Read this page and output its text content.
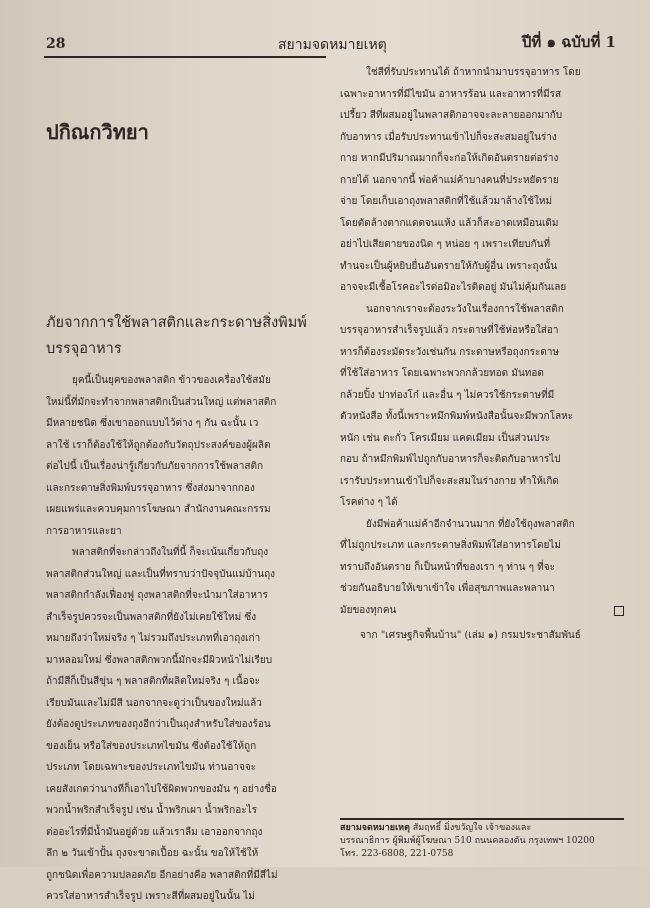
28	สยามจดหมายเหตุ	ปีที่ ๑ ฉบับที่ 1
ปกิณกวิทยา
ภัยจากการใช้พลาสติกและกระดาษสิ่งพิมพ์บรรจุอาหาร

ยุคนี้เป็นยุคของพลาสติก ข้าวของเครื่องใช้สมัย
ใหม่นี้ที่มักจะทำจากพลาสติกเป็นส่วนใหญ่ แต่พลาสติก
มีหลายชนิด ซึ่งเขาออกแบบไว้ต่าง ๆ กัน ฉะนั้น เว
ลาใช้ เราก็ต้องใช้ให้ถูกต้องกับวัตถุประสงค์ของผู้ผลิต
ต่อไปนี้ เป็นเรื่องน่ารู้เกี่ยวกับภัยจากการใช้พลาสติก
และกระดาษสิ่งพิมพ์บรรจุอาหาร ซึ่งส่งมาจากกอง
เผยแพร่และควบคุมการโฆษณา สำนักงานคณะกรรม
การอาหารและยา

พลาสติกที่จะกล่าวถึงในที่นี้ ก็จะเน้นเกี่ยวกับถุง
พลาสติกส่วนใหญ่ และเป็นที่ทราบว่าปัจจุบันแม่บ้านถุง
พลาสติกกำลังเฟื่องฟู ถุงพลาสติกที่จะนำมาใส่อาหาร
สำเร็จรูปควรจะเป็นพลาสติกที่ยังไม่เคยใช้ใหม่ ซึ่ง
หมายถึงว่าใหม่จริง ๆ ไม่รวมถึงประเภทที่เอาถุงเก่า
มาหลอมใหม่ ซึ่งพลาสติกพวกนี้มักจะมีผิวหน้าไม่เรียบ
ถ้ามีสีก็เป็นสีขุ่น ๆ พลาสติกที่ผลิตใหม่จริง ๆ เนื้อจะ
เรียบมันและไม่มีสี นอกจากจะดูว่าเป็นของใหม่แล้ว
ยังต้องดูประเภทของถุงอีกว่าเป็นถุงสำหรับใส่ของร้อน
ของเย็น หรือใส่ของประเภทไขมัน ซึ่งต้องใช้ให้ถูก
ประเภท โดยเฉพาะของประเภทไขมัน ท่านอาจจะ
เคยสังเกตว่านางทีก็เอาไปใช้ผิดพวกของมัน ๆ อย่างชื่อ
พวกน้ำพริกสำเร็จรูป เช่น น้ำพริกเผา น้ำพริกอะไร
ต่ออะไรที่มีน้ำมันอยู่ด้วย แล้วเราลืม เอาออกจากถุง
ลึก ๒ วันเข้าปั้น ถุงจะขาดเปื้อย ฉะนั้น ขอให้ใช้ให้
ถูกชนิดเพื่อความปลอดภัย อีกอย่างคือ พลาสติกที่มีสีไม่
ควรใส่อาหารสำเร็จรูป เพราะสีที่ผสมอยู่ในนั้น ไม่

ใช่สีที่รับประทานได้ ถ้าหากนำมาบรรจุอาหาร โดย
เฉพาะอาหารที่มีไขมัน อาหารร้อน และอาหารที่มีรส
เปรี้ยว สีที่ผสมอยู่ในพลาสติกอาจจะละลายออกมากับ
กับอาหาร เมื่อรับประทานเข้าไปก็จะสะสมอยู่ในร่าง
กาย หากมีปริมาณมากก็จะก่อให้เกิดอันตรายต่อร่าง
กายได้ นอกจากนี้ พ่อค้าแม่ค้าบางคนที่ประหยัดราย
จ่าย โดยเก็บเอาถุงพลาสติกที่ใช้แล้วมาล้างใช้ใหม่
โดยตัดล้างตากแดดจนแห้ง แล้วก็สะอาดเหมือนเดิม
อย่าไปเสียดายของนิด ๆ หน่อย ๆ เพราะเทียบกันที่
ทำนจะเป็นผู้หยิบยื่นอันตรายให้กับผู้อื่น เพราะถุงนั้น
อาจจะมีเชื้อโรคอะไรต่อมิอะไรติดอยู่ มันไม่คุ้มกันเลย

นอกจากเราจะต้องระวังในเรื่องการใช้พลาสติก
บรรจุอาหารสำเร็จรูปแล้ว กระดาษที่ใช้ห่อหรือใส่อา
หารก็ต้องระมัดระวังเช่นกัน กระดาษหรือถุงกระดาษ
ที่ใช้ใส่อาหาร โดยเฉพาะพวกกล้วยทอด มันทอด
กล้วยปิ้ง ปาท่องโก๋ และอื่น ๆ ไม่ควรใช้กระดาษที่มี
ตัวหนังสือ ทั้งนี้เพราะหมึกพิมพ์หนังสือนั้นจะมีพวกโลหะ
หนัก เช่น ตะกั่ว โครเมียม แคดเมียม เป็นส่วนประ
กอบ ถ้าหมึกพิมพ์ไปถูกกับอาหารก็จะติดกับอาหารไป
เรารับประทานเข้าไปก็จะสะสมในร่างกาย ทำให้เกิด
โรคต่าง ๆ ได้

ยังมีพ่อค้าแม่ค้าอีกจำนวนมาก ที่ยังใช้ถุงพลาสติก
ที่ไม่ถูกประเภท และกระดาษสิ่งพิมพ์ใส่อาหารโดยไม่
ทราบถึงอันตราย ก็เป็นหน้าที่ของเรา ๆ ท่าน ๆ ที่จะ
ช่วยกันอธิบายให้เขาเข้าใจ เพื่อสุขภาพและพลานา
มัยของทุกคน

จาก "เศรษฐกิจพื้นบ้าน" (เล่ม ๑) กรมประชาสัมพันธ์
สยามจดหมายเหตุ สัมฤทธิ์ มิ่งขวัญใจ เจ้าของและ
บรรณาธิการ ผู้พิมพ์ผู้โฆษณา 510 ถนนคลองตัน กรุงเทพฯ 10200
โทร. 223-6808, 221-0758
